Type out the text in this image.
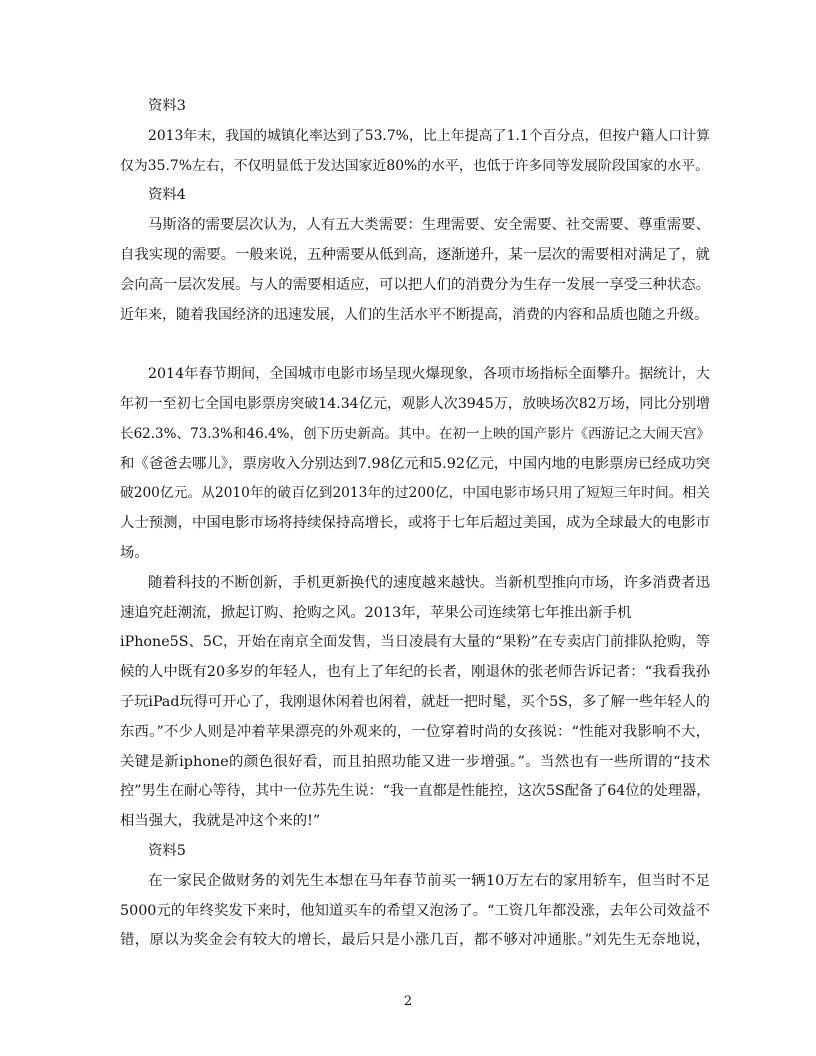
资料3
2013年末，我国的城镇化率达到了53.7%，比上年提高了1.1个百分点，但按户籍人口计算
仅为35.7%左右，不仅明显低于发达国家近80%的水平，也低于许多同等发展阶段国家的水平。
资料4
马斯洛的需要层次认为，人有五大类需要：生理需要、安全需要、社交需要、尊重需要、
自我实现的需要。一般来说，五种需要从低到高，逐渐递升，某一层次的需要相对满足了，就
会向高一层次发展。与人的需要相适应，可以把人们的消费分为生存一发展一享受三种状态。
近年来，随着我国经济的迅速发展，人们的生活水平不断提高，消费的内容和品质也随之升级。
2014年春节期间，全国城市电影市场呈现火爆现象，各项市场指标全面攀升。据统计，大
年初一至初七全国电影票房突破14.34亿元，观影人次3945万，放映场次82万场，同比分别增
长62.3%、73.3%和46.4%，创下历史新高。其中。在初一上映的国产影片《西游记之大闹天宫》
和《爸爸去哪儿》，票房收入分别达到7.98亿元和5.92亿元，中国内地的电影票房已经成功突
破200亿元。从2010年的破百亿到2013年的过200亿，中国电影市场只用了短短三年时间。相关
人士预测，中国电影市场将持续保持高增长，或将于七年后超过美国，成为全球最大的电影市
场。
随着科技的不断创新，手机更新换代的速度越来越快。当新机型推向市场，许多消费者迅
速追究赶潮流，掀起订购、抢购之风。2013年，苹果公司连续第七年推出新手机
iPhone5S、5C，开始在南京全面发售，当日凌晨有大量的“果粉”在专卖店门前排队抢购，等
候的人中既有20多岁的年轻人，也有上了年纪的长者，刚退休的张老师告诉记者：“我看我孙
子玩iPad玩得可开心了，我刚退休闲着也闲着，就赶一把时髦，买个5S，多了解一些年轻人的
东西。”不少人则是冲着苹果漂亮的外观来的，一位穿着时尚的女孩说：“性能对我影响不大，
关键是新iphone的颜色很好看，而且拍照功能又进一步增强。”。当然也有一些所谓的“技术
控”男生在耐心等待，其中一位苏先生说：“我一直都是性能控，这次5S配备了64位的处理器，
相当强大，我就是冲这个来的!”
资料5
在一家民企做财务的刘先生本想在马年春节前买一辆10万左右的家用轿车，但当时不足
5000元的年终奖发下来时，他知道买车的希望又泡汤了。“工资几年都没涨，去年公司效益不
错，原以为奖金会有较大的增长，最后只是小涨几百，都不够对冲通胀。”刘先生无奈地说，
2
